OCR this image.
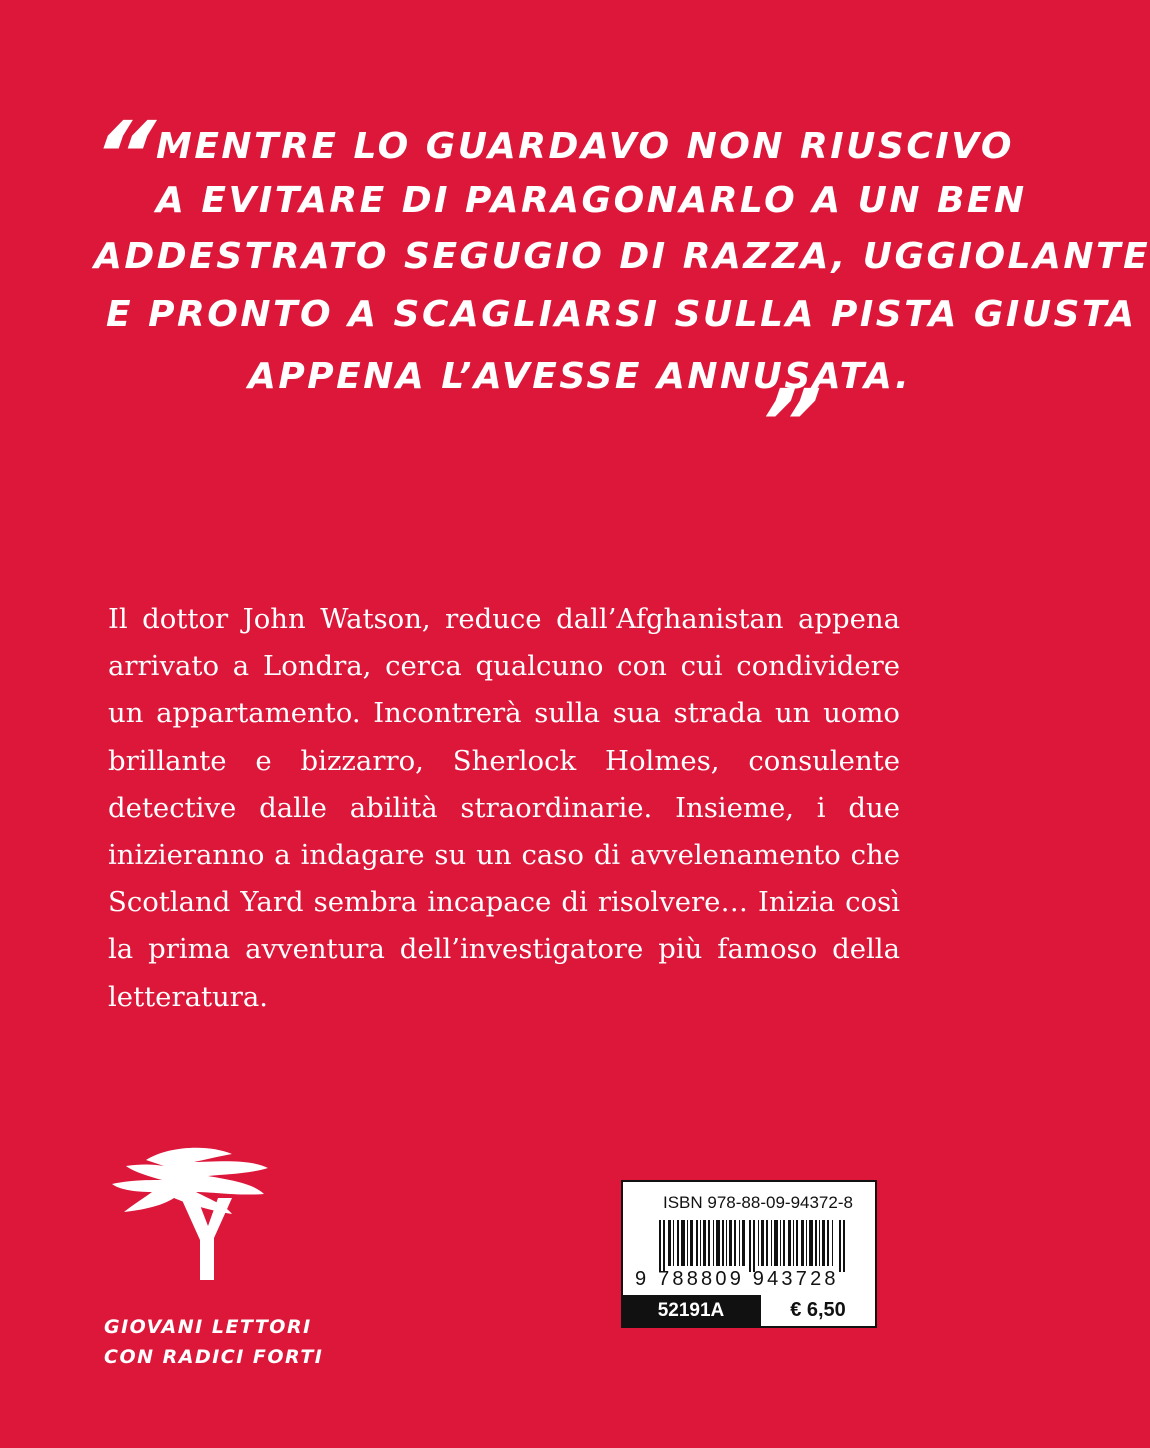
“
MENTRE LO GUARDAVO NON RIUSCIVO
A EVITARE DI PARAGONARLO A UN BEN
ADDESTRATO SEGUGIO DI RAZZA, UGGIOLANTE
E PRONTO A SCAGLIARSI SULLA PISTA GIUSTA
APPENA L’AVESSE ANNUSATA.
”

Il dottor John Watson, reduce dall’Afghanistan appena arrivato a Londra, cerca qualcuno con cui condividere un appartamento. Incontrerà sulla sua strada un uomo brillante e bizzarro, Sherlock Holmes, consulente detective dalle abilità straordinarie. Insieme, i due inizieranno a indagare su un caso di avvelenamento che Scotland Yard sembra incapace di risolvere… Inizia così la prima avventura dell’investigatore più famoso della letteratura.

GIOVANI LETTORI
CON RADICI FORTI
ISBN 978-88-09-94372-8
9 788809 943728
52191A	€ 6,50
